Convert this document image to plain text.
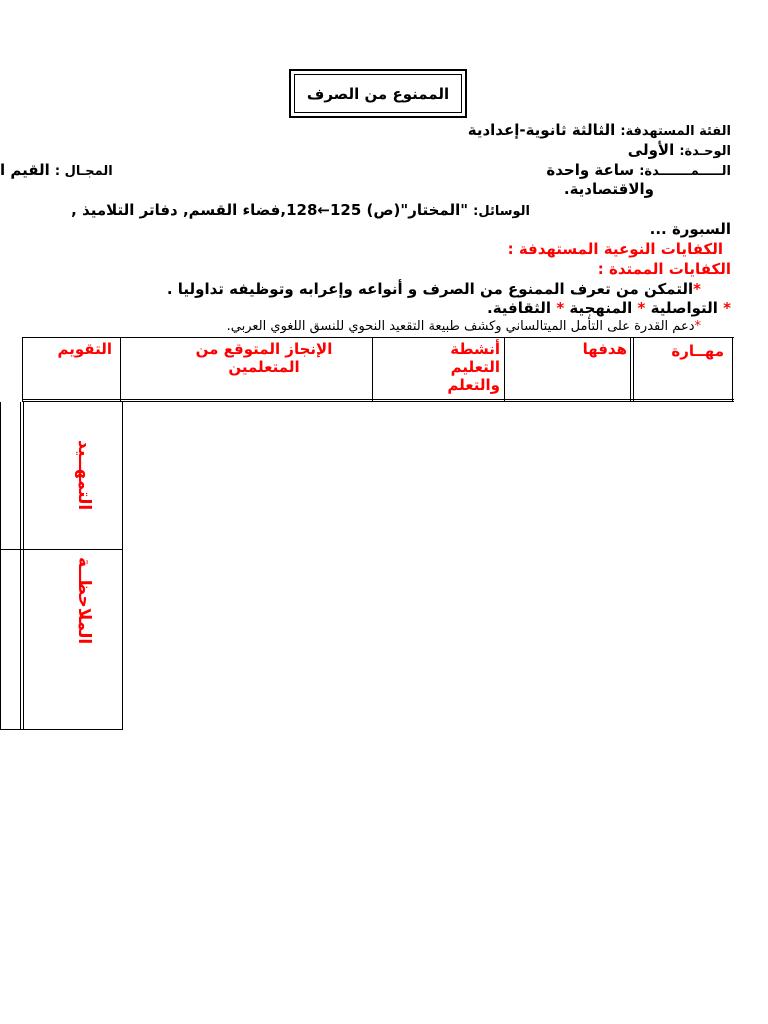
الممنوع من الصرف
الفئة المستهدفة: الثالثة ثانوية-إعدادية
الوحـدة: الأولى
الـــــمـــــــدة: ساعة واحدة
المجـال : القيم ا
والاقتصادية.
الوسائل: "المختار"(ص) 125←128,فضاء القسم, دفاتر التلاميذ ,
السبورة ...
الكفايات النوعية المستهدفة :
الكفايات الممتدة :
*التمكن من تعرف الممنوع من الصرف و أنواعه وإعرابه وتوظيفه تداوليا .
* التواصلية * المنهجية * الثقافية.
*دعم القدرة على التأمل الميتالساني وكشف طبيعة التقعيد النحوي للنسق اللغوي العربي.
مهــارة
هدفها
أنشطة التعليم والتعلم
الإنجاز المتوقع من المتعلمين
التقويم
التمهــيد
الملاحظــة
